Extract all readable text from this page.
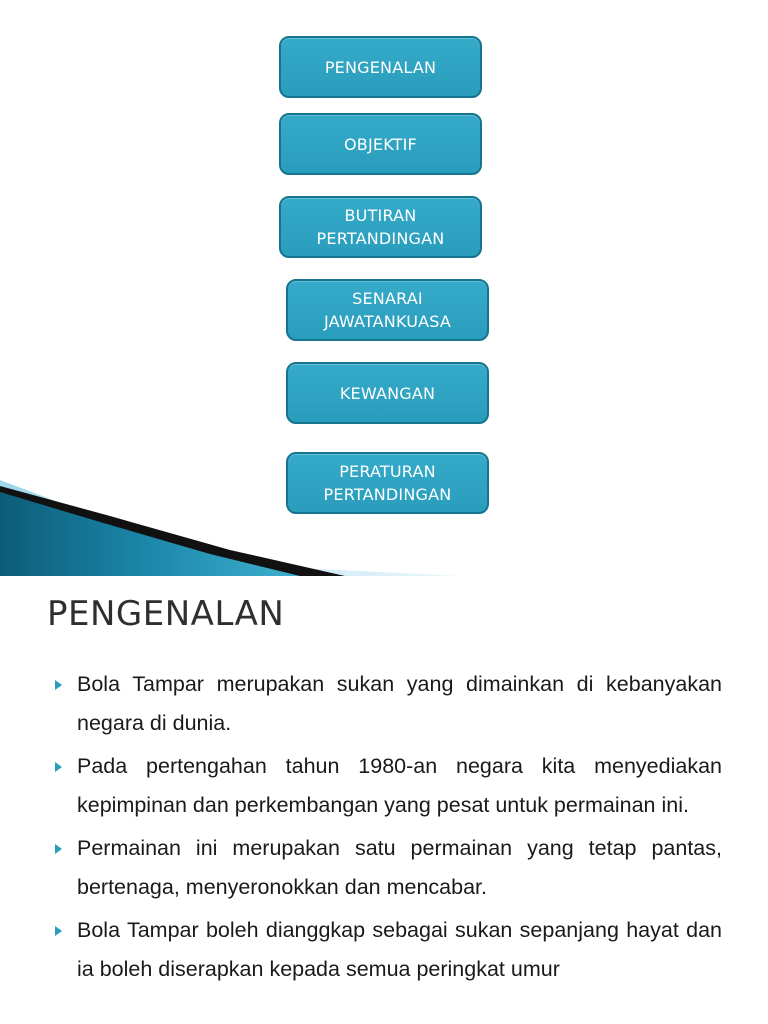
PENGENALAN
OBJEKTIF
BUTIRAN
PERTANDINGAN
SENARAI
JAWATANKUASA
KEWANGAN
PERATURAN
PERTANDINGAN
PENGENALAN
Bola Tampar merupakan sukan yang dimainkan di kebanyakan negara di dunia.
Pada pertengahan tahun 1980-an negara kita menyediakan kepimpinan dan perkembangan yang pesat untuk permainan ini.
Permainan ini merupakan satu permainan yang tetap pantas, bertenaga, menyeronokkan dan mencabar.
Bola Tampar boleh dianggkap sebagai sukan sepanjang hayat dan ia boleh diserapkan kepada semua peringkat umur
